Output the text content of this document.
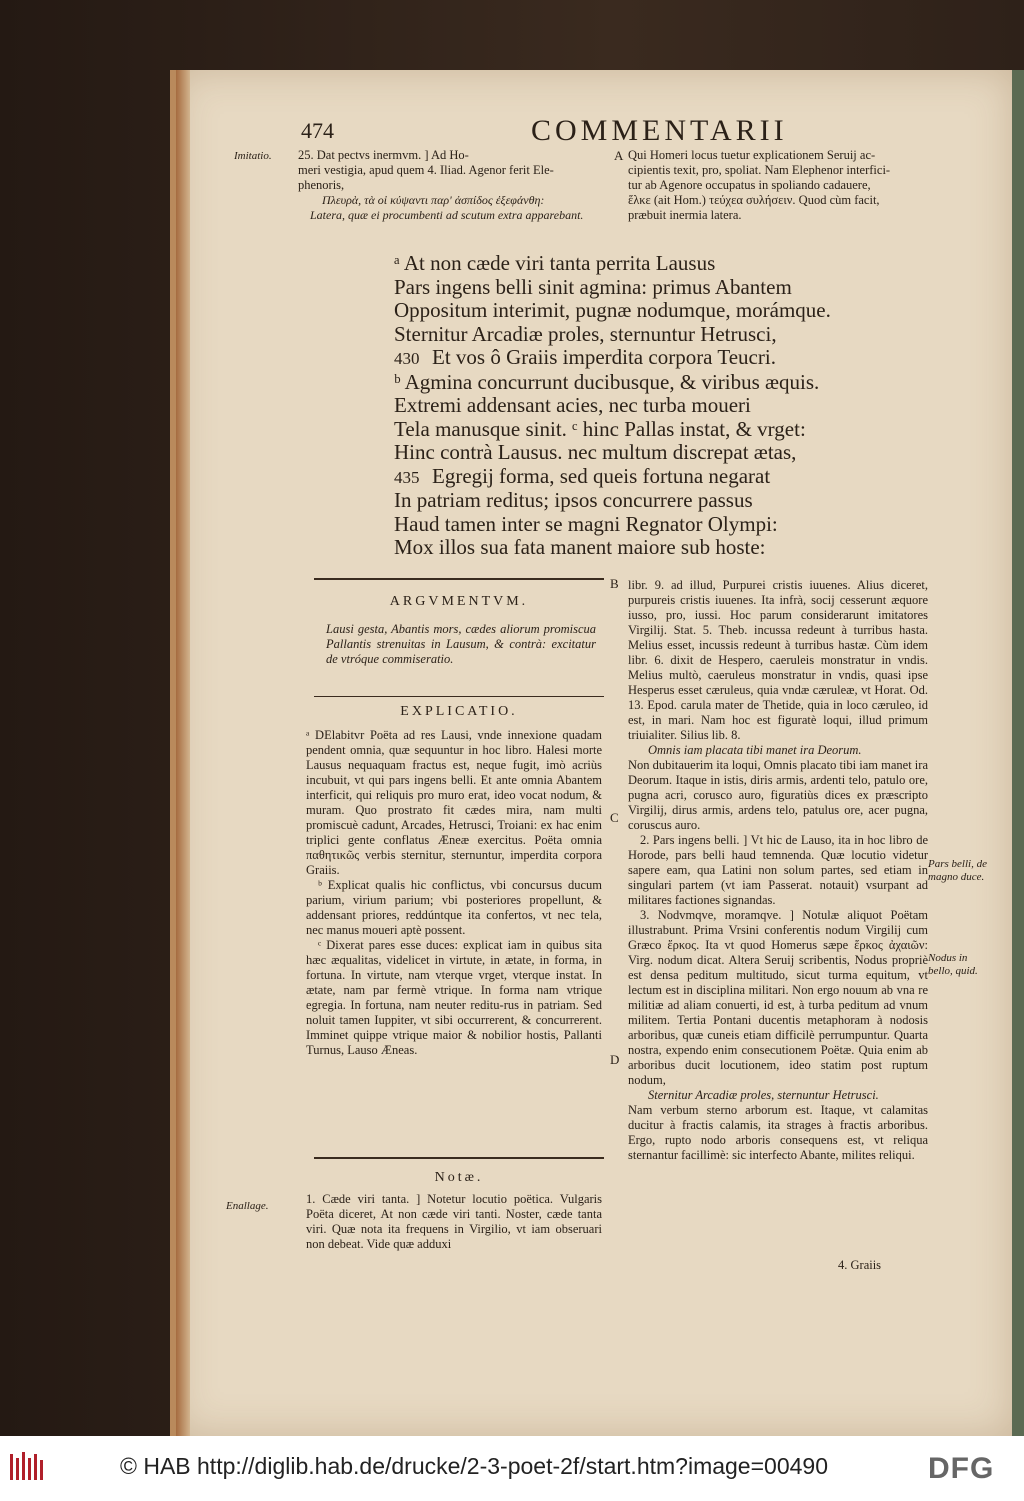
474	COMMENTARII
Imitatio. 25. Dat pectvs inermvm. ] Ad Ho-

meri vestigia, apud quem 4. Iliad. Agenor ferit Ele-

phenoris,

Πλευρὰ, τὰ οἱ κύψαντι παρ' ἀσπίδος ἐξεφάνθη:

Latera, quæ ei procumbenti ad scutum extra apparebant.

A Qui Homeri locus tuetur explicationem Seruij ac-

cipientis texit, pro, spoliat. Nam Elephenor interfici-

tur ab Agenore occupatus in spoliando cadauere,

ἕλκε (ait Hom.) τεύχεα συλήσειν. Quod cùm facit,

præbuit inermia latera.

ᵃ At non cæde viri tanta perrita Lausus
Pars ingens belli sinit agmina: primus Abantem
Oppositum interimit, pugnæ nodumque, morámque.
Sternitur Arcadiæ proles, sternuntur Hetrusci,
430 Et vos ô Graiis imperdita corpora Teucri.
ᵇ Agmina concurrunt ducibusque, & viribus æquis.
Extremi addensant acies, nec turba moueri
Tela manusque sinit. ᶜ hinc Pallas instat, & vrget:
Hinc contrà Lausus. nec multum discrepat ætas,
435 Egregij forma, sed queis fortuna negarat
In patriam reditus; ipsos concurrere passus
Haud tamen inter se magni Regnator Olympi:
Mox illos sua fata manent maiore sub hoste:
ARGVMENTVM.
Lausi gesta, Abantis mors, cædes aliorum promiscua Pallantis strenuitas in Lausum, & contrà: excitatur de vtróque commiseratio.
EXPLICATIO.

ᵃ DElabitvr Poëta ad res Lausi, vnde innexione quadam pendent omnia, quæ sequuntur in hoc libro. Halesi morte Lausus nequaquam fractus est, neque fugit, imò acriùs incubuit, vt qui pars ingens belli. Et ante omnia Abantem interficit, qui reliquis pro muro erat, ideo vocat nodum, & muram. Quo prostrato fit cædes mira, nam multi promiscuè cadunt, Arcades, Hetrusci, Troiani: ex hac enim triplici gente conflatus Æneæ exercitus. Poëta omnia παθητικῶς verbis sternitur, sternuntur, imperdita corpora Graiis.

ᵇ Explicat qualis hic conflictus, vbi concursus ducum parium, virium parium; vbi posteriores propellunt, & addensant priores, reddúntque ita confertos, vt nec tela, nec manus moueri aptè possent.

ᶜ Dixerat pares esse duces: explicat iam in quibus sita hæc æqualitas, videlicet in virtute, in ætate, in forma, in fortuna. In virtute, nam vterque vrget, vterque instat. In ætate, nam par fermè vtrique. In forma nam vtrique egregia. In fortuna, nam neuter reditu-rus in patriam. Sed noluit tamen Iuppiter, vt sibi occurrerent, & concurrerent. Imminet quippe vtrique maior & nobilior hostis, Pallanti Turnus, Lauso Æneas.

Notæ.
Enallage.	1. Cæde viri tanta. ] Notetur locutio poëtica. Vulgaris Poëta diceret, At non cæde viri tanti. Noster, cæde tanta viri. Quæ nota ita frequens in Virgilio, vt iam obseruari non debeat. Vide quæ adduxi
B
C
D

libr. 9. ad illud, Purpurei cristis iuuenes. Alius diceret, purpureis cristis iuuenes. Ita infrà, socij cesserunt æquore iusso, pro, iussi. Hoc parum considerarunt imitatores Virgilij. Stat. 5. Theb. incussa redeunt à turribus hasta. Melius esset, incussis redeunt à turribus hastæ. Cùm idem libr. 6. dixit de Hespero, caeruleis monstratur in vndis. Melius multò, caeruleus monstratur in vndis, quasi ipse Hesperus esset cæruleus, quia vndæ cæruleæ, vt Horat. Od. 13. Epod. carula mater de Thetide, quia in loco cæruleo, id est, in mari. Nam hoc est figuratè loqui, illud primum triuialiter. Silius lib. 8.

Omnis iam placata tibi manet ira Deorum.

Non dubitauerim ita loqui, Omnis placato tibi iam manet ira Deorum. Itaque in istis, diris armis, ardenti telo, patulo ore, pugna acri, corusco auro, figuratiùs dices ex præscripto Virgilij, dirus armis, ardens telo, patulus ore, acer pugna, coruscus auro.

2. Pars ingens belli. ] Vt hic de Lauso, ita in hoc libro de Horode, pars belli haud temnenda. Quæ locutio videtur sapere eam, qua Latini non solum partes, sed etiam in singulari partem (vt iam Passerat. notauit) vsurpant ad militares factiones signandas.

3. Nodvmqve, moramqve. ] Notulæ aliquot Poëtam illustrabunt. Prima Vrsini conferentis nodum Virgilij cum Græco ἕρκος. Ita vt quod Homerus sæpe ἕρκος ἀχαιῶν: Virg. nodum dicat. Altera Seruij scribentis, Nodus propriè est densa peditum multitudo, sicut turma equitum, vt lectum est in disciplina militari. Non ergo nouum ab vna re militiæ ad aliam conuerti, id est, à turba peditum ad vnum militem. Tertia Pontani ducentis metaphoram à nodosis arboribus, quæ cuneis etiam difficilè perrumpuntur. Quarta nostra, expendo enim consecutionem Poëtæ. Quia enim ab arboribus ducit locutionem, ideo statim post ruptum nodum,

Sternitur Arcadiæ proles, sternuntur Hetrusci.

Nam verbum sterno arborum est. Itaque, vt calamitas ducitur à fractis calamis, ita strages à fractis arboribus. Ergo, rupto nodo arboris consequens est, vt reliqua sternantur facillimè: sic interfecto Abante, milites reliqui.

Pars belli, de magno duce.
Nodus in bello, quid.
4. Graiis
© HAB http://diglib.hab.de/drucke/2-3-poet-2f/start.htm?image=00490	DFG
